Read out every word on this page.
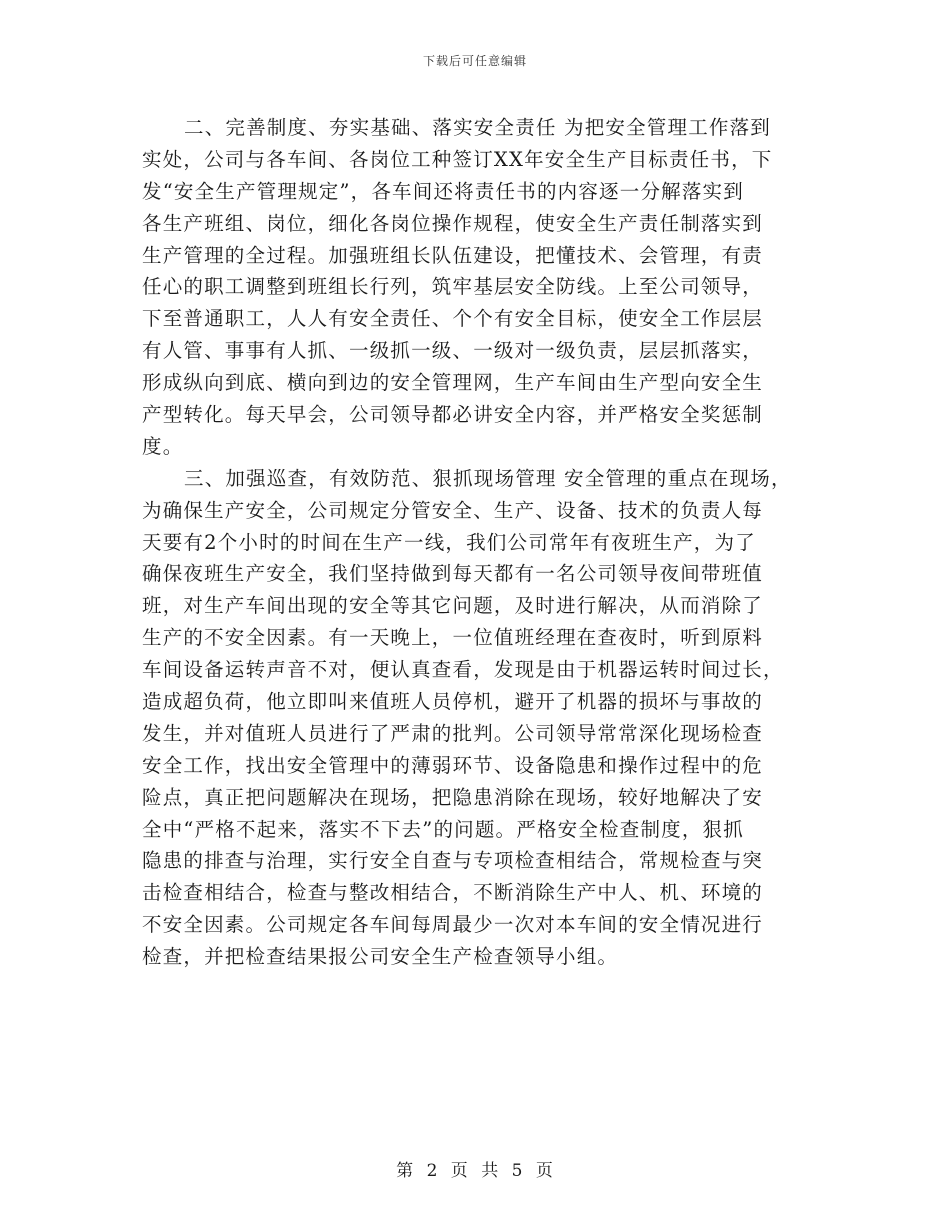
下载后可任意编辑
二、完善制度、夯实基础、落实安全责任 为把安全管理工作落到
实处，公司与各车间、各岗位工种签订XX年安全生产目标责任书，下
发“安全生产管理规定”，各车间还将责任书的内容逐一分解落实到
各生产班组、岗位，细化各岗位操作规程，使安全生产责任制落实到
生产管理的全过程。加强班组长队伍建设，把懂技术、会管理，有责
任心的职工调整到班组长行列，筑牢基层安全防线。上至公司领导，
下至普通职工，人人有安全责任、个个有安全目标，使安全工作层层
有人管、事事有人抓、一级抓一级、一级对一级负责，层层抓落实，
形成纵向到底、横向到边的安全管理网，生产车间由生产型向安全生
产型转化。每天早会，公司领导都必讲安全内容，并严格安全奖惩制
度。
三、加强巡查，有效防范、狠抓现场管理 安全管理的重点在现场，
为确保生产安全，公司规定分管安全、生产、设备、技术的负责人每
天要有2个小时的时间在生产一线，我们公司常年有夜班生产，为了
确保夜班生产安全，我们坚持做到每天都有一名公司领导夜间带班值
班，对生产车间出现的安全等其它问题，及时进行解决，从而消除了
生产的不安全因素。有一天晚上，一位值班经理在查夜时，听到原料
车间设备运转声音不对，便认真查看，发现是由于机器运转时间过长，
造成超负荷，他立即叫来值班人员停机，避开了机器的损坏与事故的
发生，并对值班人员进行了严肃的批判。公司领导常常深化现场检查
安全工作，找出安全管理中的薄弱环节、设备隐患和操作过程中的危
险点，真正把问题解决在现场，把隐患消除在现场，较好地解决了安
全中“严格不起来，落实不下去”的问题。严格安全检查制度，狠抓
隐患的排查与治理，实行安全自查与专项检查相结合，常规检查与突
击检查相结合，检查与整改相结合，不断消除生产中人、机、环境的
不安全因素。公司规定各车间每周最少一次对本车间的安全情况进行
检查，并把检查结果报公司安全生产检查领导小组。
第 2 页 共 5 页
